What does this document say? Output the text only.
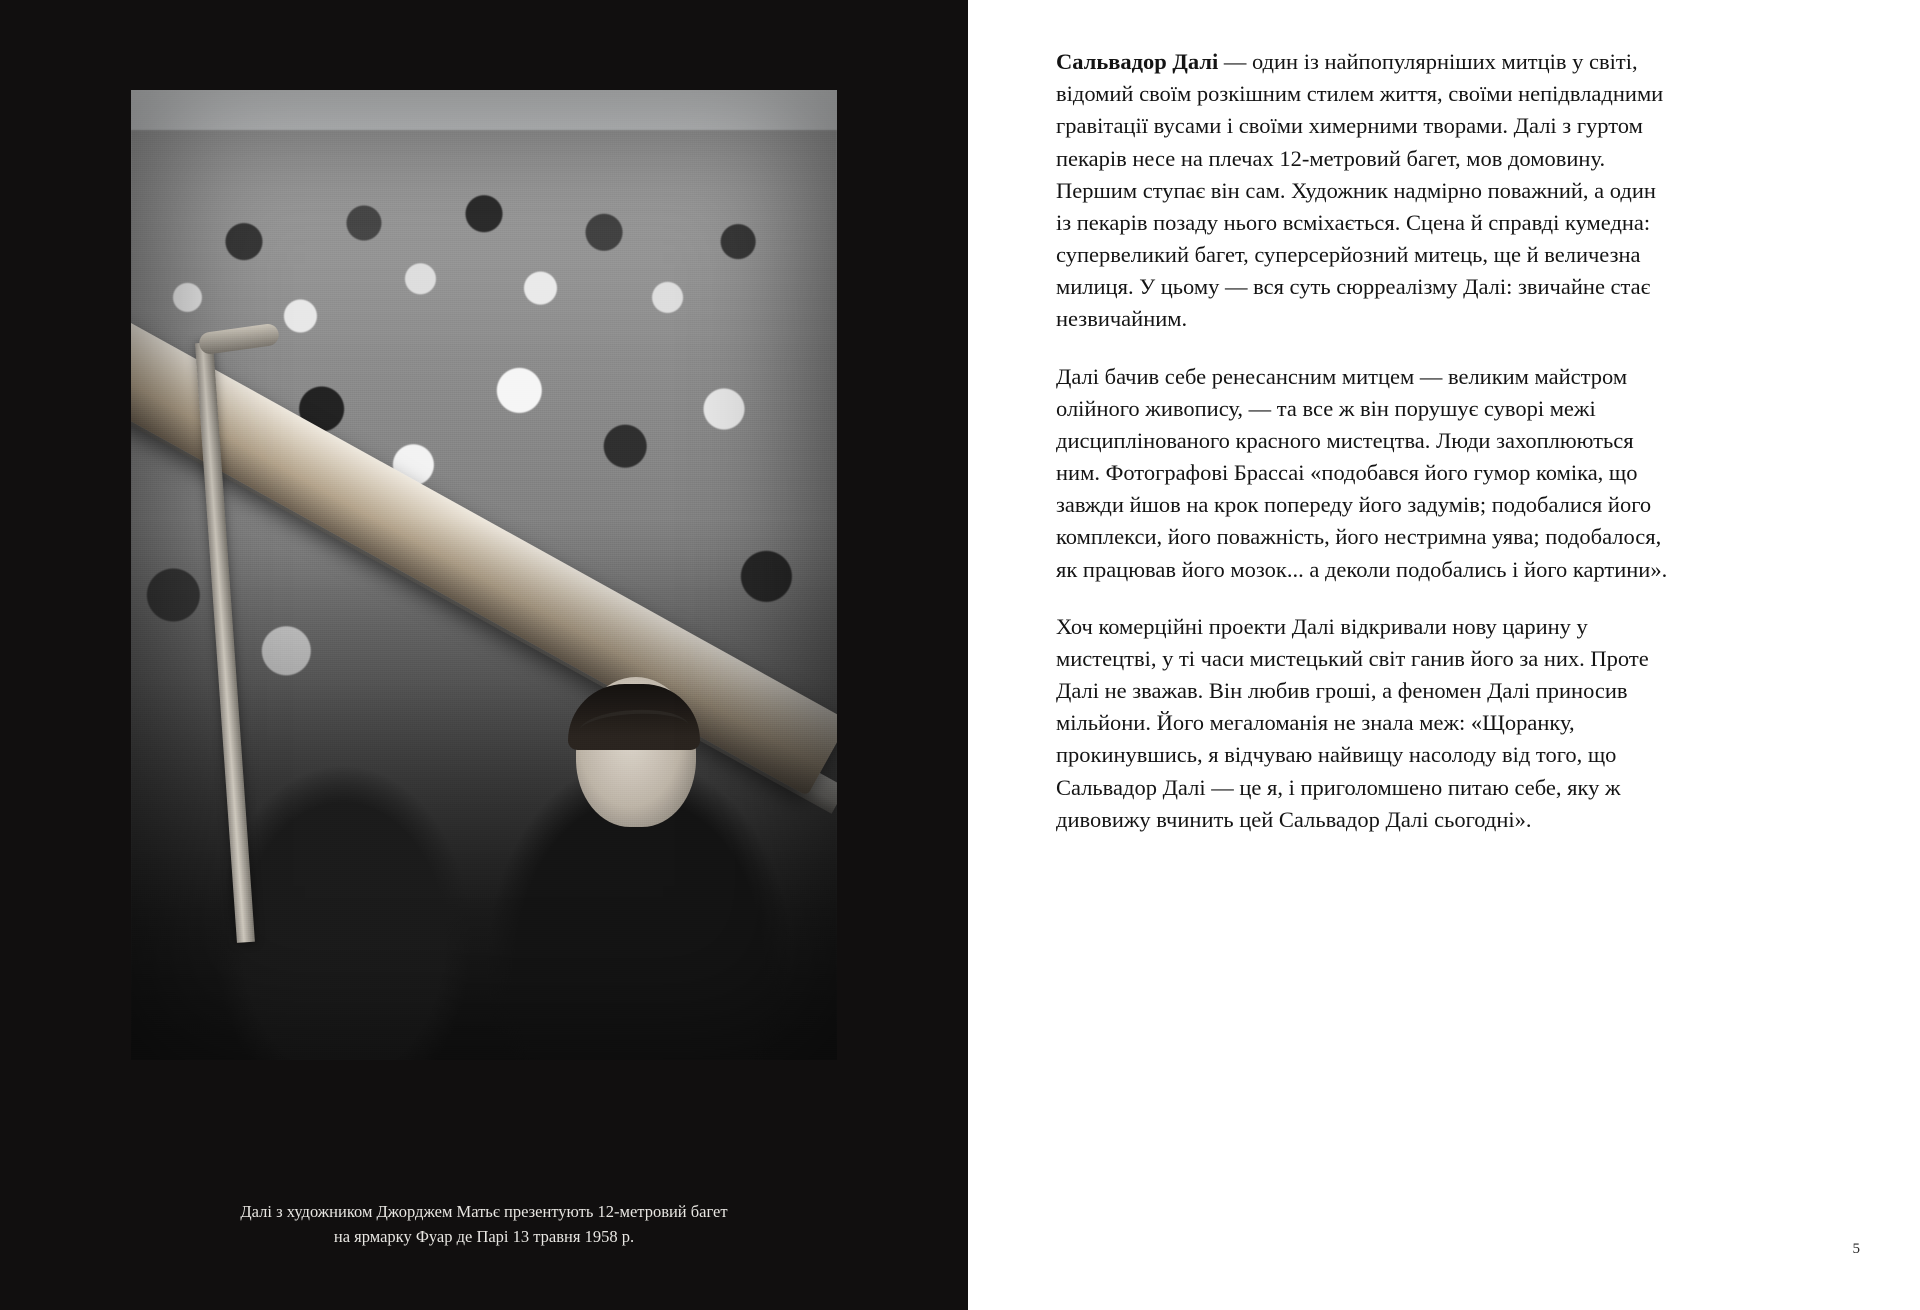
Далі з художником Джорджем Матьє презентують 12-метровий багет
на ярмарку Фуар де Парі 13 травня 1958 р.

Сальвадор Далі — один із найпопулярніших митців у світі, відомий своїм розкішним стилем життя, своїми непідвладними гравітації вусами і своїми химерними творами. Далі з гуртом пекарів несе на плечах 12-метровий багет, мов домовину. Першим ступає він сам. Художник надмірно поважний, а один із пекарів позаду нього всміхається. Сцена й справді кумедна: супервеликий багет, суперсерйозний митець, ще й величезна милиця. У цьому — вся суть сюрреалізму Далі: звичайне стає незвичайним.

Далі бачив себе ренесансним митцем — великим майстром олійного живопису, — та все ж він порушує суворі межі дисциплінованого красного мистецтва. Люди захоплюються ним. Фотографові Брассаі «подобався його гумор коміка, що завжди йшов на крок попереду його задумів; подобалися його комплекси, його поважність, його нестримна уява; подобалося, як працював його мозок... а деколи подобались і його картини».

Хоч комерційні проекти Далі відкривали нову царину у мистецтві, у ті часи мистецький світ ганив його за них. Проте Далі не зважав. Він любив гроші, а феномен Далі приносив мільйони. Його мегаломанія не знала меж: «Щоранку, прокинувшись, я відчуваю найвищу насолоду від того, що Сальвадор Далі — це я, і приголомшено питаю себе, яку ж дивовижу вчинить цей Сальвадор Далі сьогодні».

5
